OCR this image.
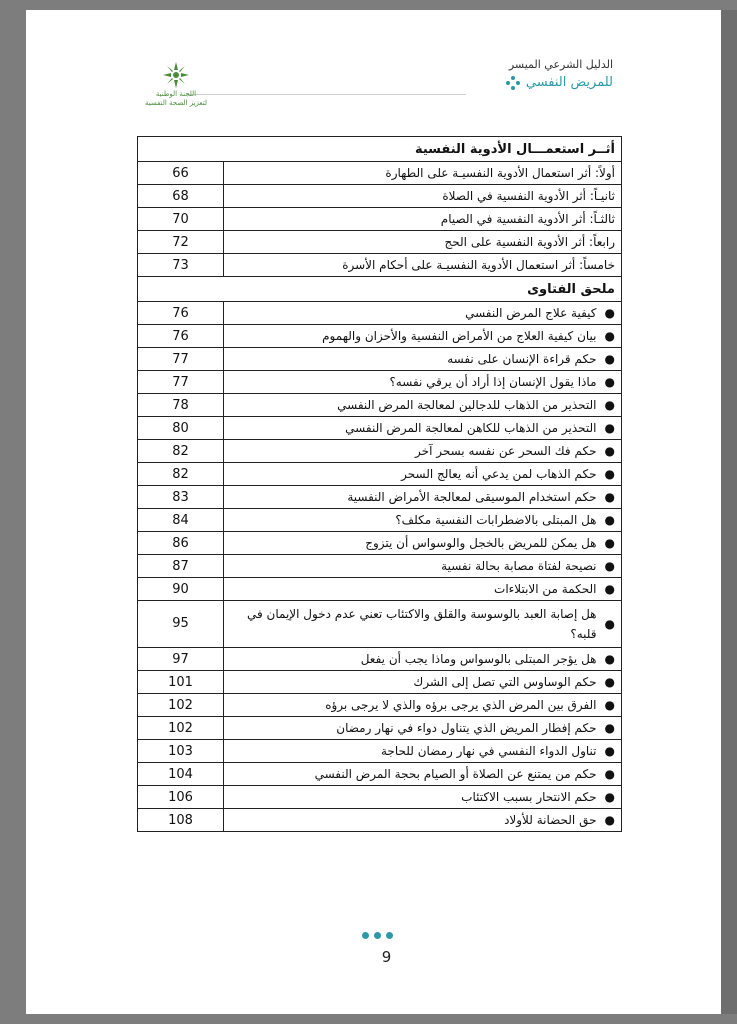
الدليل الشرعي الميسر
للمريض النفسي
اللجنة الوطنية
لتعزيز الصحة النفسية
أثــر استعمـــال الأدوية النفسية	

أولاً: أثر استعمال الأدوية النفسيـة على الطهارة	66

ثانيـاً: أثر الأدوية النفسية في الصلاة	68

ثالثـاً: أثر الأدوية النفسية في الصيام	70

رابعاً: أثر الأدوية النفسية على الحج	72

خامساً: أثر استعمال الأدوية النفسيـة على أحكام الأسرة	73
ملحق الفتاوى	

●
كيفية علاج المرض النفسي	76

●
بيان كيفية العلاج من الأمراض النفسية والأحزان والهموم	76

●
حكم قراءة الإنسان على نفسه	77

●
ماذا يقول الإنسان إذا أراد أن يرقي نفسه؟	77

●
التحذير من الذهاب للدجالين لمعالجة المرض النفسي	78

●
التحذير من الذهاب للكاهن لمعالجة المرض النفسي	80

●
حكم فك السحر عن نفسه بسحر آخر	82

●
حكم الذهاب لمن يدعي أنه يعالج السحر	82

●
حكم استخدام الموسيقى لمعالجة الأمراض النفسية	83

●
هل المبتلى بالاضطرابات النفسية مكلف؟	84

●
هل يمكن للمريض بالخجل والوسواس أن يتزوج	86

●
نصيحة لفتاة مصابة بحالة نفسية	87

●
الحكمة من الابتلاءات	90

●
هل إصابة العبد بالوسوسة والقلق والاكتئاب تعني عدم دخول الإيمان في قلبه؟	95

●
هل يؤجر المبتلى بالوسواس وماذا يجب أن يفعل	97

●
حكم الوساوس التي تصل إلى الشرك	101

●
الفرق بين المرض الذي يرجى برؤه والذي لا يرجى برؤه	102

●
حكم إفطار المريض الذي يتناول دواء في نهار رمضان	102

●
تناول الدواء النفسي في نهار رمضان للحاجة	103

●
حكم من يمتنع عن الصلاة أو الصيام بحجة المرض النفسي	104

●
حكم الانتحار بسبب الاكتئاب	106

●
حق الحضانة للأولاد	108
9
